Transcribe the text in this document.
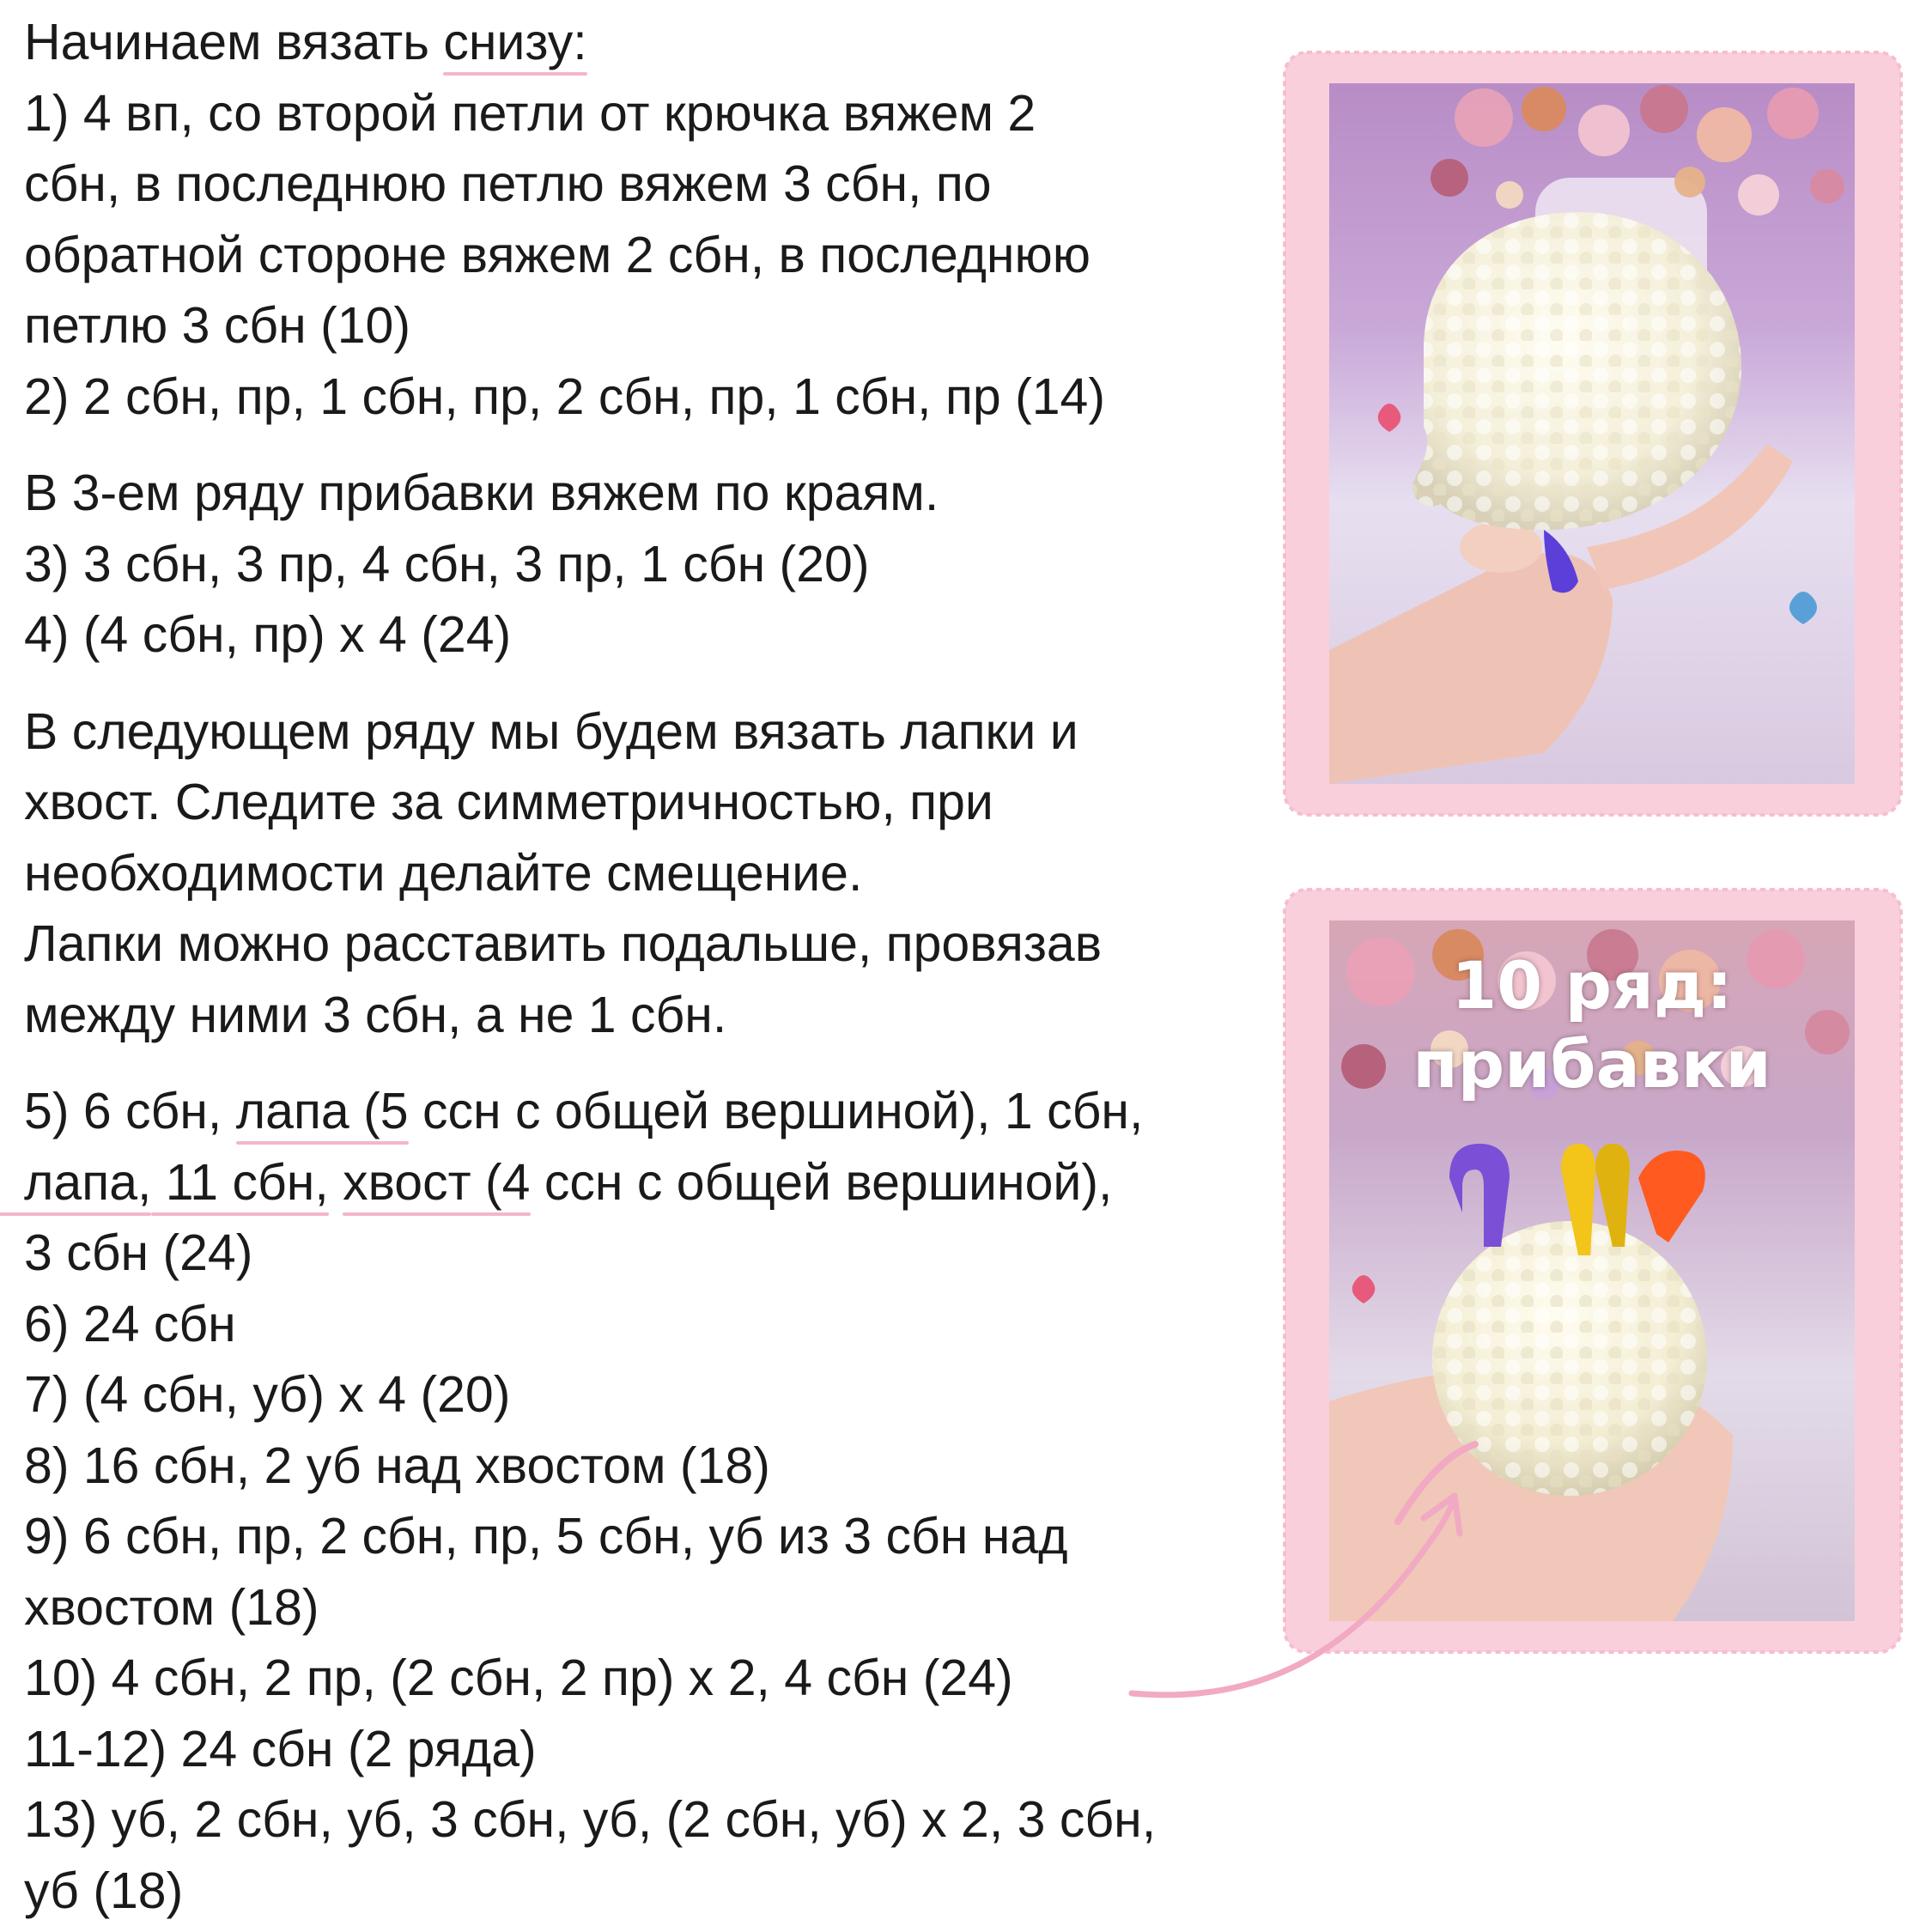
Начинаем вязать снизу:

1) 4 вп, со второй петли от крючка вяжем 2

сбн, в последнюю петлю вяжем 3 сбн, по

обратной стороне вяжем 2 сбн, в последнюю

петлю 3 сбн (10)

2) 2 сбн, пр, 1 сбн, пр, 2 сбн, пр, 1 сбн, пр (14)

В 3-ем ряду прибавки вяжем по краям.

3) 3 сбн, 3 пр, 4 сбн, 3 пр, 1 сбн (20)

4) (4 сбн, пр) х 4 (24)

В следующем ряду мы будем вязать лапки и

хвост. Следите за симметричностью, при

необходимости делайте смещение.

Лапки можно расставить подальше, провязав

между ними 3 сбн, а не 1 сбн.

5) 6 сбн, лапа (5 ссн с общей вершиной), 1 сбн,

лапа, 11 сбн, хвост (4 ссн с общей вершиной),

3 сбн (24)

6) 24 сбн

7) (4 сбн, уб) х 4 (20)

8) 16 сбн, 2 уб над хвостом (18)

9) 6 сбн, пр, 2 сбн, пр, 5 сбн, уб из 3 сбн над

хвостом (18)

10) 4 сбн, 2 пр, (2 сбн, 2 пр) х 2, 4 сбн (24)

11-12) 24 сбн (2 ряда)

13) уб, 2 сбн, уб, 3 сбн, уб, (2 сбн, уб) х 2, 3 сбн,

уб (18)

10 ряд:
прибавки
